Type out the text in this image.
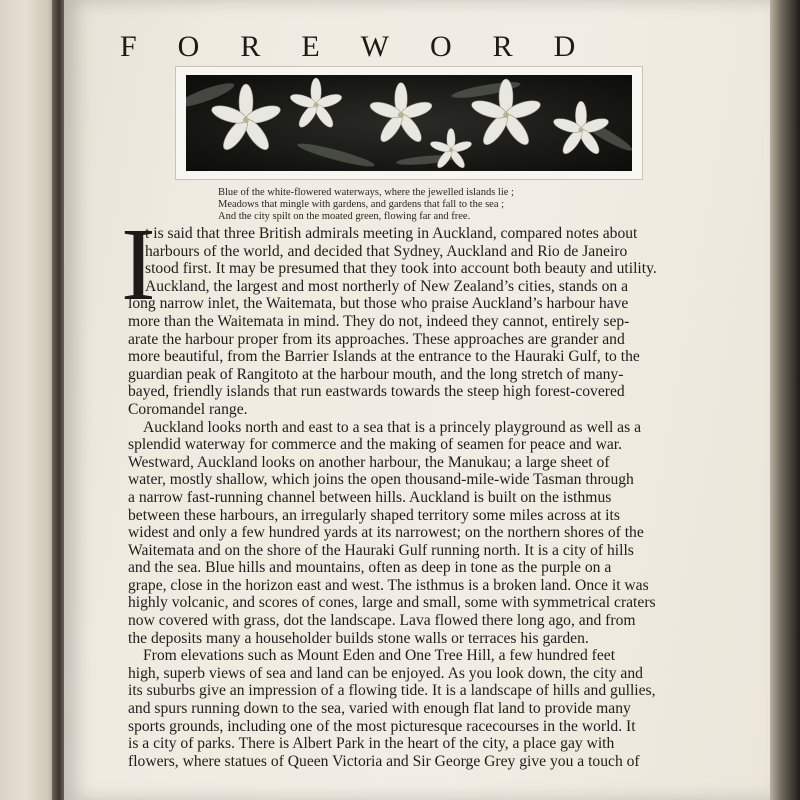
FOREWORD
Blue of the white-flowered waterways, where the jewelled islands lie ;
Meadows that mingle with gardens, and gardens that fall to the sea ;
And the city spilt on the moated green, flowing far and free.
I
t is said that three British admirals meeting in Auckland, compared notes about
harbours of the world, and decided that Sydney, Auckland and Rio de Janeiro
stood first. It may be presumed that they took into account both beauty and utility.
Auckland, the largest and most northerly of New Zealand’s cities, stands on a
long narrow inlet, the Waitemata, but those who praise Auckland’s harbour have
more than the Waitemata in mind. They do not, indeed they cannot, entirely sep-
arate the harbour proper from its approaches. These approaches are grander and
more beautiful, from the Barrier Islands at the entrance to the Hauraki Gulf, to the
guardian peak of Rangitoto at the harbour mouth, and the long stretch of many-
bayed, friendly islands that run eastwards towards the steep high forest-covered
Coromandel range.
Auckland looks north and east to a sea that is a princely playground as well as a
splendid waterway for commerce and the making of seamen for peace and war.
Westward, Auckland looks on another harbour, the Manukau; a large sheet of
water, mostly shallow, which joins the open thousand-mile-wide Tasman through
a narrow fast-running channel between hills. Auckland is built on the isthmus
between these harbours, an irregularly shaped territory some miles across at its
widest and only a few hundred yards at its narrowest; on the northern shores of the
Waitemata and on the shore of the Hauraki Gulf running north. It is a city of hills
and the sea. Blue hills and mountains, often as deep in tone as the purple on a
grape, close in the horizon east and west. The isthmus is a broken land. Once it was
highly volcanic, and scores of cones, large and small, some with symmetrical craters
now covered with grass, dot the landscape. Lava flowed there long ago, and from
the deposits many a householder builds stone walls or terraces his garden.
From elevations such as Mount Eden and One Tree Hill, a few hundred feet
high, superb views of sea and land can be enjoyed. As you look down, the city and
its suburbs give an impression of a flowing tide. It is a landscape of hills and gullies,
and spurs running down to the sea, varied with enough flat land to provide many
sports grounds, including one of the most picturesque racecourses in the world. It
is a city of parks. There is Albert Park in the heart of the city, a place gay with
flowers, where statues of Queen Victoria and Sir George Grey give you a touch of
